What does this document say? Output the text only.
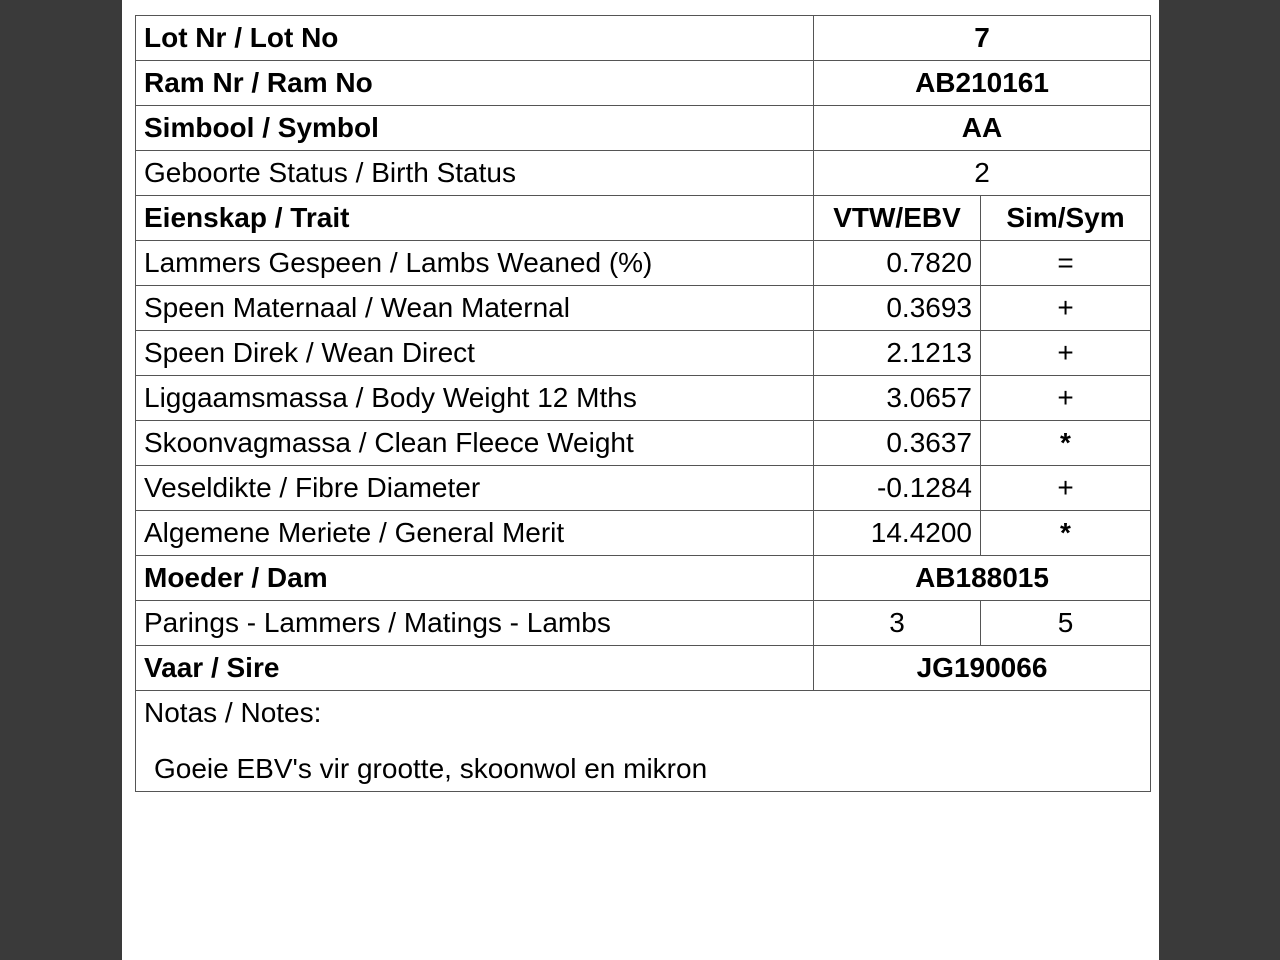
Lot Nr / Lot No	7	
Ram Nr / Ram No	AB210161	
Simbool / Symbol	AA	
Geboorte Status / Birth Status	2	
Eienskap / Trait	VTW/EBV	Sim/Sym
Lammers Gespeen / Lambs Weaned (%)	0.7820	=
Speen Maternaal / Wean Maternal	0.3693	+
Speen Direk / Wean Direct	2.1213	+
Liggaamsmassa / Body Weight 12 Mths	3.0657	+
Skoonvagmassa / Clean Fleece Weight	0.3637	*
Veseldikte / Fibre Diameter	-0.1284	+
Algemene Meriete / General Merit	14.4200	*
Moeder / Dam	AB188015	
Parings - Lammers / Matings - Lambs	3	5
Vaar / Sire	JG190066	

Notas / Notes:
Goeie EBV's vir grootte, skoonwol en mikron		
